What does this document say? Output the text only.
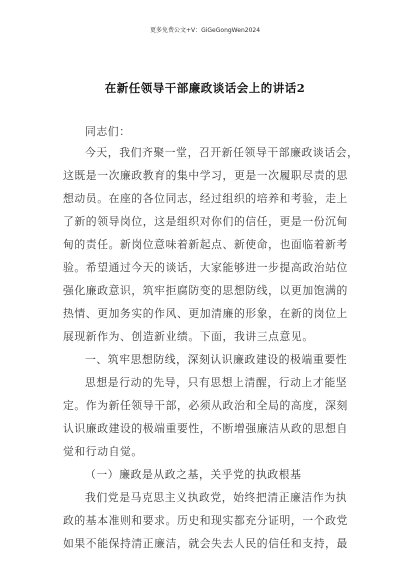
更多免费公文+V：GiGeGongWen2024
在新任领导干部廉政谈话会上的讲话2
同志们：
今天，我们齐聚一堂，召开新任领导干部廉政谈话会，
这既是一次廉政教育的集中学习，更是一次履职尽责的思
想动员。在座的各位同志，经过组织的培养和考验，走上
了新的领导岗位，这是组织对你们的信任，更是一份沉甸
甸的责任。新岗位意味着新起点、新使命，也面临着新考
验。希望通过今天的谈话，大家能够进一步提高政治站位
强化廉政意识，筑牢拒腐防变的思想防线，以更加饱满的
热情、更加务实的作风、更加清廉的形象，在新的岗位上
展现新作为、创造新业绩。下面，我讲三点意见。
一、筑牢思想防线，深刻认识廉政建设的极端重要性
思想是行动的先导，只有思想上清醒，行动上才能坚
定。作为新任领导干部，必须从政治和全局的高度，深刻
认识廉政建设的极端重要性，不断增强廉洁从政的思想自
觉和行动自觉。
（一）廉政是从政之基，关乎党的执政根基
我们党是马克思主义执政党，始终把清正廉洁作为执
政的基本准则和要求。历史和现实都充分证明，一个政党
如果不能保持清正廉洁，就会失去人民的信任和支持，最
